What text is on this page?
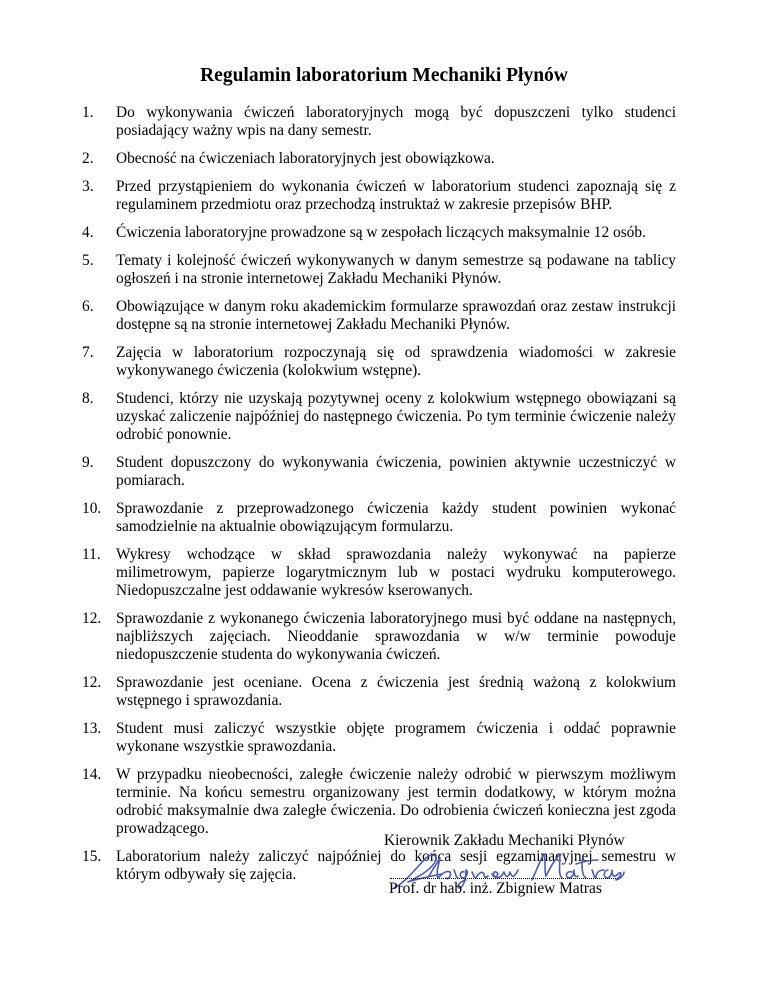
Regulamin laboratorium Mechaniki Płynów
1. Do wykonywania ćwiczeń laboratoryjnych mogą być dopuszczeni tylko studenci posiadający ważny wpis na dany semestr.
2. Obecność na ćwiczeniach laboratoryjnych jest obowiązkowa.
3. Przed przystąpieniem do wykonania ćwiczeń w laboratorium studenci zapoznają się z regulaminem przedmiotu oraz przechodzą instruktaż w zakresie przepisów BHP.
4. Ćwiczenia laboratoryjne prowadzone są w zespołach liczących maksymalnie 12 osób.
5. Tematy i kolejność ćwiczeń wykonywanych w danym semestrze są podawane na tablicy ogłoszeń i na stronie internetowej Zakładu Mechaniki Płynów.
6. Obowiązujące w danym roku akademickim formularze sprawozdań oraz zestaw instrukcji dostępne są na stronie internetowej Zakładu Mechaniki Płynów.
7. Zajęcia w laboratorium rozpoczynają się od sprawdzenia wiadomości w zakresie wykonywanego ćwiczenia (kolokwium wstępne).
8. Studenci, którzy nie uzyskają pozytywnej oceny z kolokwium wstępnego obowiązani są uzyskać zaliczenie najpóźniej do następnego ćwiczenia. Po tym terminie ćwiczenie należy odrobić ponownie.
9. Student dopuszczony do wykonywania ćwiczenia, powinien aktywnie uczestniczyć w pomiarach.
10. Sprawozdanie z przeprowadzonego ćwiczenia każdy student powinien wykonać samodzielnie na aktualnie obowiązującym formularzu.
11. Wykresy wchodzące w skład sprawozdania należy wykonywać na papierze milimetrowym, papierze logarytmicznym lub w postaci wydruku komputerowego. Niedopuszczalne jest oddawanie wykresów kserowanych.
12. Sprawozdanie z wykonanego ćwiczenia laboratoryjnego musi być oddane na następnych, najbliższych zajęciach. Nieoddanie sprawozdania w w/w terminie powoduje niedopuszczenie studenta do wykonywania ćwiczeń.
12. Sprawozdanie jest oceniane. Ocena z ćwiczenia jest średnią ważoną z kolokwium wstępnego i sprawozdania.
13. Student musi zaliczyć wszystkie objęte programem ćwiczenia i oddać poprawnie wykonane wszystkie sprawozdania.
14. W przypadku nieobecności, zaległe ćwiczenie należy odrobić w pierwszym możliwym terminie. Na końcu semestru organizowany jest termin dodatkowy, w którym można odrobić maksymalnie dwa zaległe ćwiczenia. Do odrobienia ćwiczeń konieczna jest zgoda prowadzącego.
15. Laboratorium należy zaliczyć najpóźniej do końca sesji egzaminacyjnej semestru w którym odbywały się zajęcia.
Kierownik Zakładu Mechaniki Płynów
Prof. dr hab. inż. Zbigniew Matras
